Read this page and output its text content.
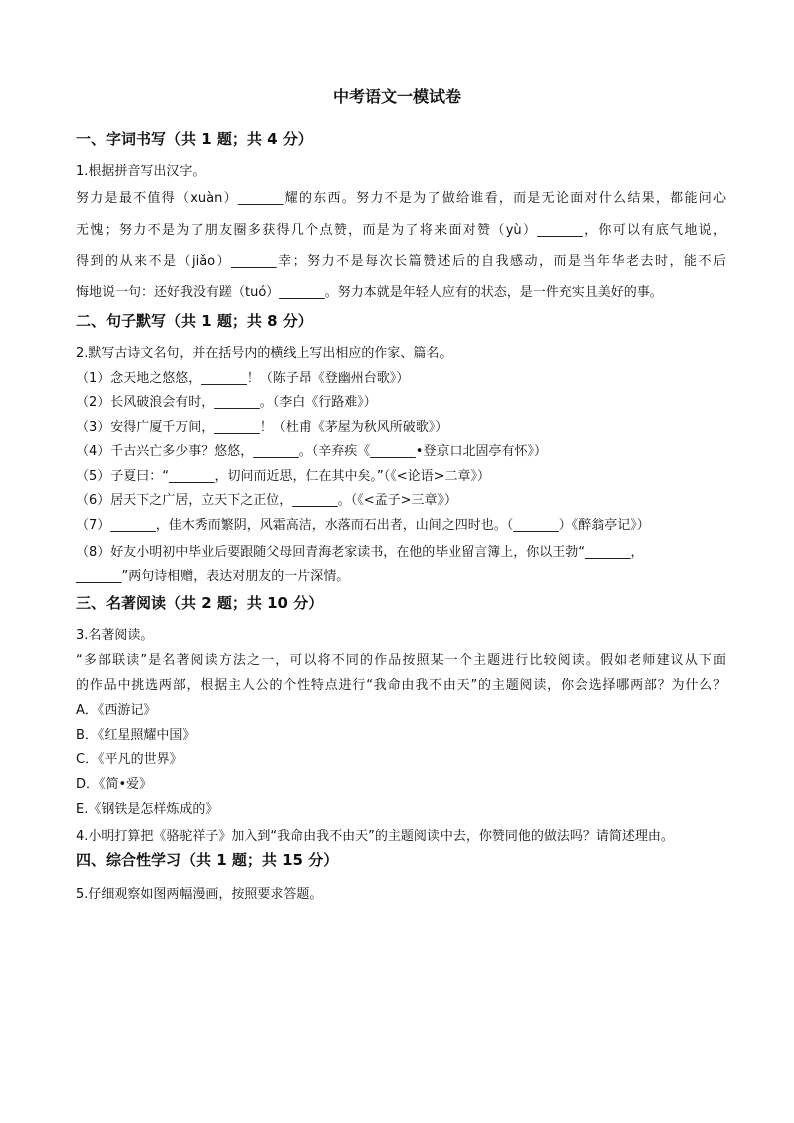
中考语文一模试卷
一、字词书写（共 1 题；共 4 分）
1.根据拼音写出汉字。
努力是最不值得（xuàn）_______耀的东西。努力不是为了做给谁看，而是无论面对什么结果，都能问心
无愧；努力不是为了朋友圈多获得几个点赞，而是为了将来面对赞（yù）_______，你可以有底气地说，
得到的从来不是（jiǎo）_______幸；努力不是每次长篇赞述后的自我感动，而是当年华老去时，能不后
悔地说一句：还好我没有蹉（tuó）_______。努力本就是年轻人应有的状态，是一件充实且美好的事。
二、句子默写（共 1 题；共 8 分）
2.默写古诗文名句，并在括号内的横线上写出相应的作家、篇名。
（1）念天地之悠悠，_______！（陈子昂《登幽州台歌》）
（2）长风破浪会有时，_______。（李白《行路难》）
（3）安得广厦千万间，_______！（杜甫《茅屋为秋风所破歌》）
（4）千古兴亡多少事？悠悠，_______。（辛弃疾《_______•登京口北固亭有怀》）
（5）子夏曰：“_______，切问而近思，仁在其中矣。”（《<论语>二章》）
（6）居天下之广居，立天下之正位，_______。（《<孟子>三章》）
（7）_______，佳木秀而繁阴，风霜高洁，水落而石出者，山间之四时也。（_______）《醉翁亭记》）
（8）好友小明初中毕业后要跟随父母回青海老家读书，在他的毕业留言簿上，你以王勃“_______，
_______”两句诗相赠，表达对朋友的一片深情。
三、名著阅读（共 2 题；共 10 分）
3.名著阅读。
“多部联读”是名著阅读方法之一，可以将不同的作品按照某一个主题进行比较阅读。假如老师建议从下面
的作品中挑选两部，根据主人公的个性特点进行“我命由我不由天”的主题阅读，你会选择哪两部？为什么？
A．《西游记》
B．《红星照耀中国》
C．《平凡的世界》
D．《简•爱》
E.《钢铁是怎样炼成的》
4.小明打算把《骆驼祥子》加入到“我命由我不由天”的主题阅读中去，你赞同他的做法吗？请简述理由。
四、综合性学习（共 1 题；共 15 分）
5.仔细观察如图两幅漫画，按照要求答题。
